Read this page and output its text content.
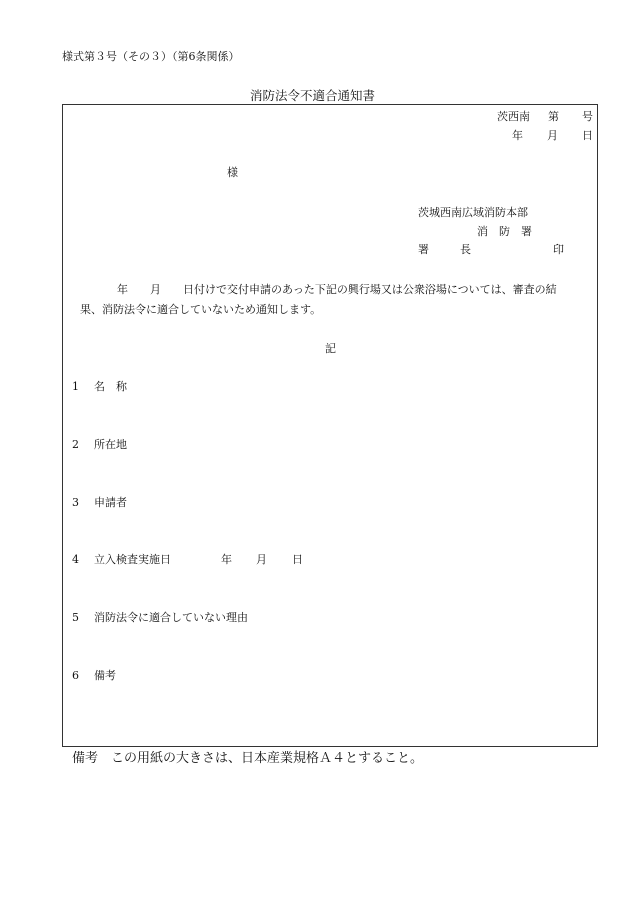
様式第３号（その３）（第6条関係）
消防法令不適合通知書
茨西南 第 号
年 月 日
様
茨城西南広域消防本部
消　防　署
署	長	印
年　　月　　日付けで交付申請のあった下記の興行場又は公衆浴場については、審査の結
果、消防法令に適合していないため通知します。
記
1 名　称
2 所在地
3 申請者
4 立入検査実施日	年 月 日
5 消防法令に適合していない理由
6 備考
備考　この用紙の大きさは、日本産業規格Ａ４とすること。
